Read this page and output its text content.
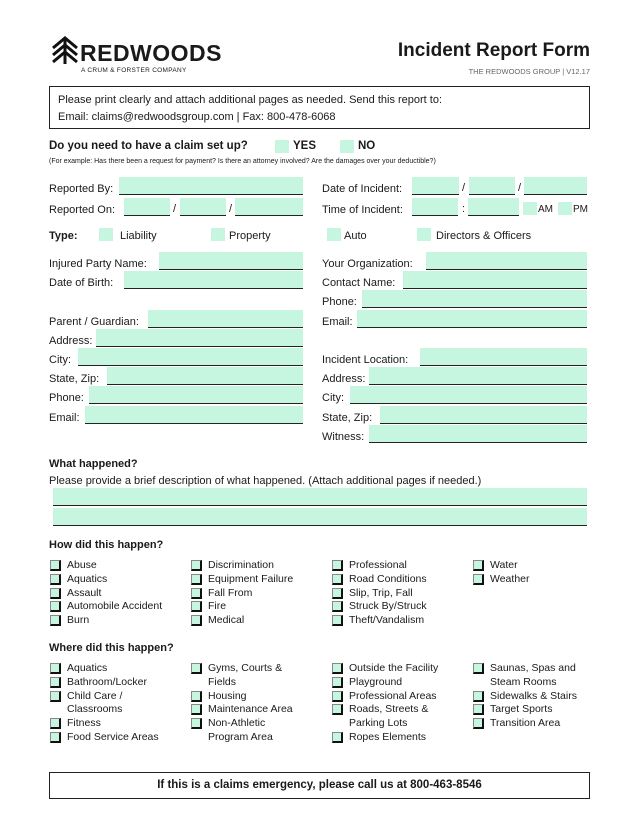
REDWOODS
A CRUM & FORSTER COMPANY
Incident Report Form
THE REDWOODS GROUP | V12.17
Please print clearly and attach additional pages as needed. Send this report to:
Email: claims@redwoodsgroup.com | Fax: 800-478-6068
Do you need to have a claim set up?	YES	NO
(For example: Has there been a request for payment? Is there an attorney involved? Are the damages over your deductible?)
Reported By:	Date of Incident:	/	/
Reported On:	/	/	Time of Incident:	:	AM PM
Type:	Liability	Property	Auto	Directors & Officers
Injured Party Name:
Date of Birth:
Parent / Guardian:
Address:
City:
State, Zip:
Phone:
Email:
Your Organization:
Contact Name:
Phone:
Email:
Incident Location:
Address:
City:
State, Zip:
Witness:
What happened?
Please provide a brief description of what happened. (Attach additional pages if needed.)
How did this happen?
Abuse
Aquatics
Assault
Automobile Accident
Burn
Discrimination
Equipment Failure
Fall From
Fire
Medical
Professional
Road Conditions
Slip, Trip, Fall
Struck By/Struck
Theft/Vandalism
Water
Weather
Where did this happen?
Aquatics
Bathroom/Locker
Child Care /
Classrooms
Fitness
Food Service Areas
Gyms, Courts &
Fields
Housing
Maintenance Area
Non-Athletic
Program Area
Outside the Facility
Playground
Professional Areas
Roads, Streets &
Parking Lots
Ropes Elements
Saunas, Spas and
Steam Rooms
Sidewalks & Stairs
Target Sports
Transition Area
If this is a claims emergency, please call us at 800-463-8546
